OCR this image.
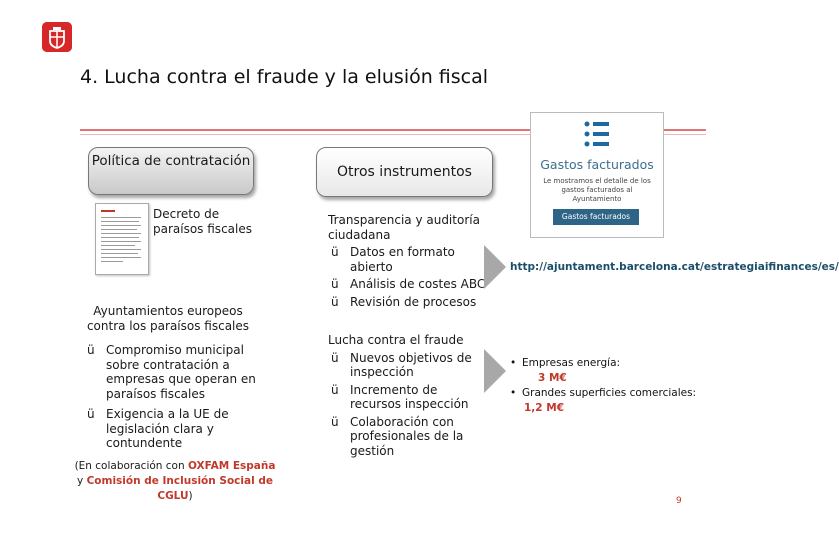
4. Lucha contra el fraude y la elusión fiscal
Política de contratación
Decreto de paraísos fiscales
Ayuntamientos europeos contra los paraísos fiscales
ü Compromiso municipal sobre contratación a empresas que operan en paraísos fiscales
ü Exigencia a la UE de legislación clara y contundente
(En colaboración con OXFAM España y Comisión de Inclusión Social de CGLU)
Otros instrumentos
Transparencia y auditoría ciudadana
ü Datos en formato abierto
ü Análisis de costes ABC
ü Revisión de procesos
Lucha contra el fraude
ü Nuevos objetivos de inspección
ü Incremento de recursos inspección
ü Colaboración con profesionales de la gestión
Gastos facturados
Le mostramos el detalle de los gastos facturados al Ayuntamiento
Gastos facturados
http://ajuntament.barcelona.cat/estrategiaifinances/es/
• Empresas energía:
3 M€
• Grandes superficies comerciales:
1,2 M€
9
